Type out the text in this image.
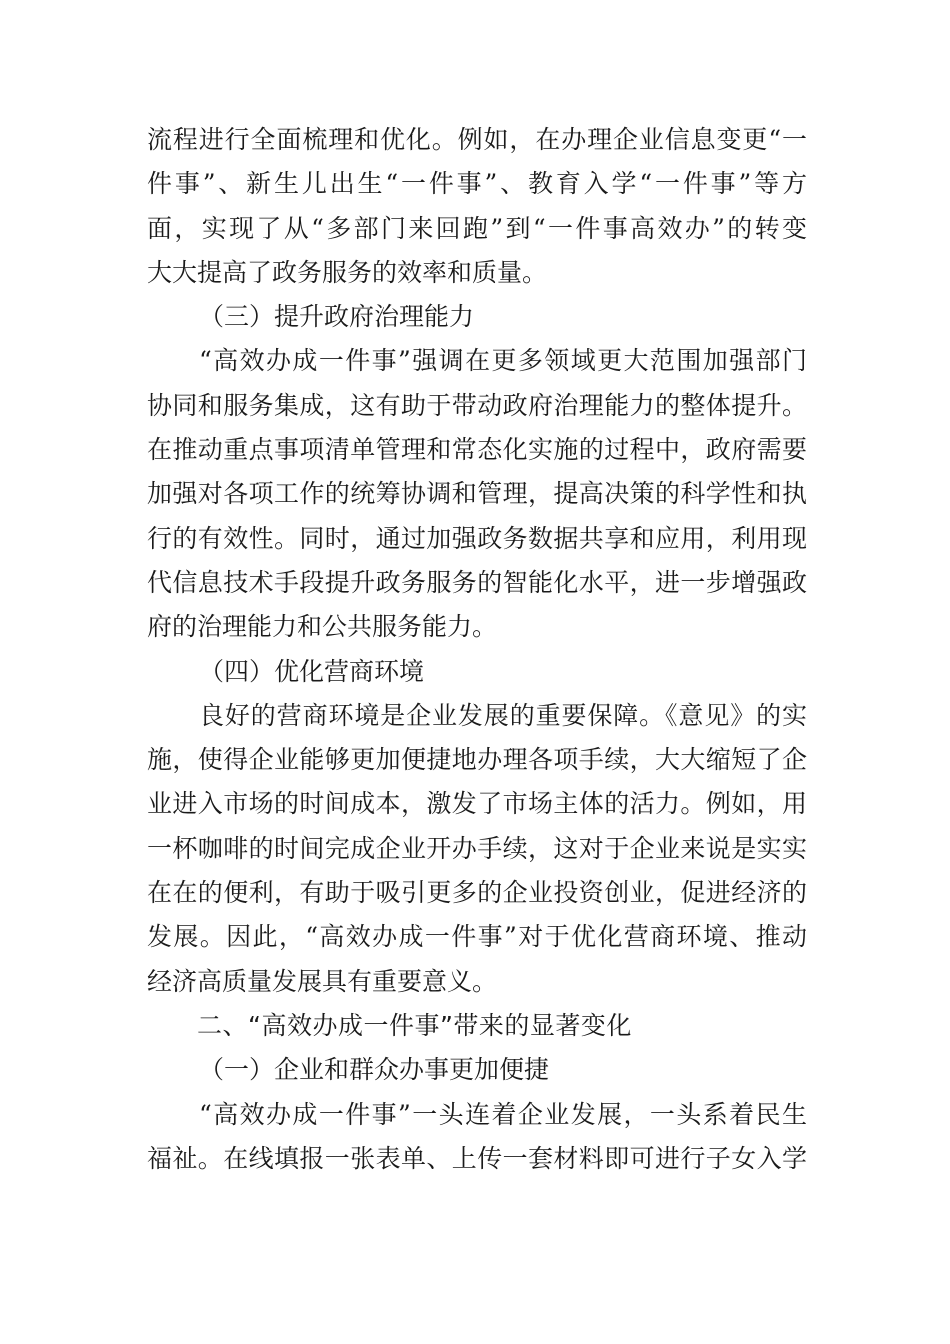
流程进行全面梳理和优化。例如，在办理企业信息变更“一
件事”、新生儿出生“一件事”、教育入学“一件事”等方
面，实现了从“多部门来回跑”到“一件事高效办”的转变
大大提高了政务服务的效率和质量。
（三）提升政府治理能力
“高效办成一件事”强调在更多领域更大范围加强部门
协同和服务集成，这有助于带动政府治理能力的整体提升。
在推动重点事项清单管理和常态化实施的过程中，政府需要
加强对各项工作的统筹协调和管理，提高决策的科学性和执
行的有效性。同时，通过加强政务数据共享和应用，利用现
代信息技术手段提升政务服务的智能化水平，进一步增强政
府的治理能力和公共服务能力。
（四）优化营商环境
良好的营商环境是企业发展的重要保障。《意见》的实
施，使得企业能够更加便捷地办理各项手续，大大缩短了企
业进入市场的时间成本，激发了市场主体的活力。例如，用
一杯咖啡的时间完成企业开办手续，这对于企业来说是实实
在在的便利，有助于吸引更多的企业投资创业，促进经济的
发展。因此，“高效办成一件事”对于优化营商环境、推动
经济高质量发展具有重要意义。
二、“高效办成一件事”带来的显著变化
（一）企业和群众办事更加便捷
“高效办成一件事”一头连着企业发展，一头系着民生
福祉。在线填报一张表单、上传一套材料即可进行子女入学
